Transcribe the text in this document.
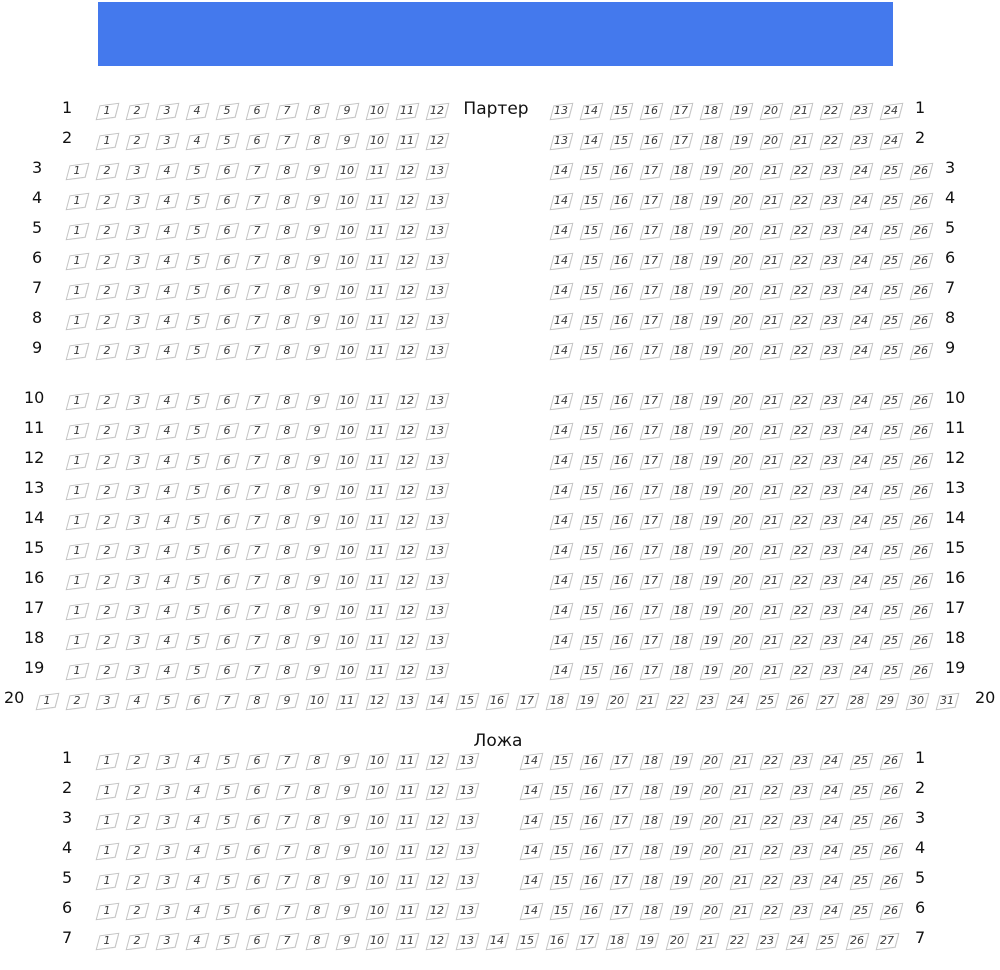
Партер
1	2	3	4	5	6	7	8	9	10	11	12	13	14	15	16	17	18	19	20	21	22	23	24
1	1
1	2	3	4	5	6	7	8	9	10	11	12	13	14	15	16	17	18	19	20	21	22	23	24
2	2
1	2	3	4	5	6	7	8	9	10	11	12	13	14	15	16	17	18	19	20	21	22	23	24	25	26
3	3
1	2	3	4	5	6	7	8	9	10	11	12	13	14	15	16	17	18	19	20	21	22	23	24	25	26
4	4
1	2	3	4	5	6	7	8	9	10	11	12	13	14	15	16	17	18	19	20	21	22	23	24	25	26
5	5
1	2	3	4	5	6	7	8	9	10	11	12	13	14	15	16	17	18	19	20	21	22	23	24	25	26
6	6
1	2	3	4	5	6	7	8	9	10	11	12	13	14	15	16	17	18	19	20	21	22	23	24	25	26
7	7
1	2	3	4	5	6	7	8	9	10	11	12	13	14	15	16	17	18	19	20	21	22	23	24	25	26
8	8
1	2	3	4	5	6	7	8	9	10	11	12	13	14	15	16	17	18	19	20	21	22	23	24	25	26
9	9
1	2	3	4	5	6	7	8	9	10	11	12	13	14	15	16	17	18	19	20	21	22	23	24	25	26
10	10
1	2	3	4	5	6	7	8	9	10	11	12	13	14	15	16	17	18	19	20	21	22	23	24	25	26
11	11
1	2	3	4	5	6	7	8	9	10	11	12	13	14	15	16	17	18	19	20	21	22	23	24	25	26
12	12
1	2	3	4	5	6	7	8	9	10	11	12	13	14	15	16	17	18	19	20	21	22	23	24	25	26
13	13
1	2	3	4	5	6	7	8	9	10	11	12	13	14	15	16	17	18	19	20	21	22	23	24	25	26
14	14
1	2	3	4	5	6	7	8	9	10	11	12	13	14	15	16	17	18	19	20	21	22	23	24	25	26
15	15
1	2	3	4	5	6	7	8	9	10	11	12	13	14	15	16	17	18	19	20	21	22	23	24	25	26
16	16
1	2	3	4	5	6	7	8	9	10	11	12	13	14	15	16	17	18	19	20	21	22	23	24	25	26
17	17
1	2	3	4	5	6	7	8	9	10	11	12	13	14	15	16	17	18	19	20	21	22	23	24	25	26
18	18
1	2	3	4	5	6	7	8	9	10	11	12	13	14	15	16	17	18	19	20	21	22	23	24	25	26
19	19
1	2	3	4	5	6	7	8	9	10	11	12	13	14	15	16	17	18	19	20	21	22	23	24	25	26	27	28	29	30	31
20	20
Ложа
1	2	3	4	5	6	7	8	9	10	11	12	13	14	15	16	17	18	19	20	21	22	23	24	25	26
1	1
1	2	3	4	5	6	7	8	9	10	11	12	13	14	15	16	17	18	19	20	21	22	23	24	25	26
2	2
1	2	3	4	5	6	7	8	9	10	11	12	13	14	15	16	17	18	19	20	21	22	23	24	25	26
3	3
1	2	3	4	5	6	7	8	9	10	11	12	13	14	15	16	17	18	19	20	21	22	23	24	25	26
4	4
1	2	3	4	5	6	7	8	9	10	11	12	13	14	15	16	17	18	19	20	21	22	23	24	25	26
5	5
1	2	3	4	5	6	7	8	9	10	11	12	13	14	15	16	17	18	19	20	21	22	23	24	25	26
6	6
1	2	3	4	5	6	7	8	9	10	11	12	13	14	15	16	17	18	19	20	21	22	23	24	25	26	27
7	7
